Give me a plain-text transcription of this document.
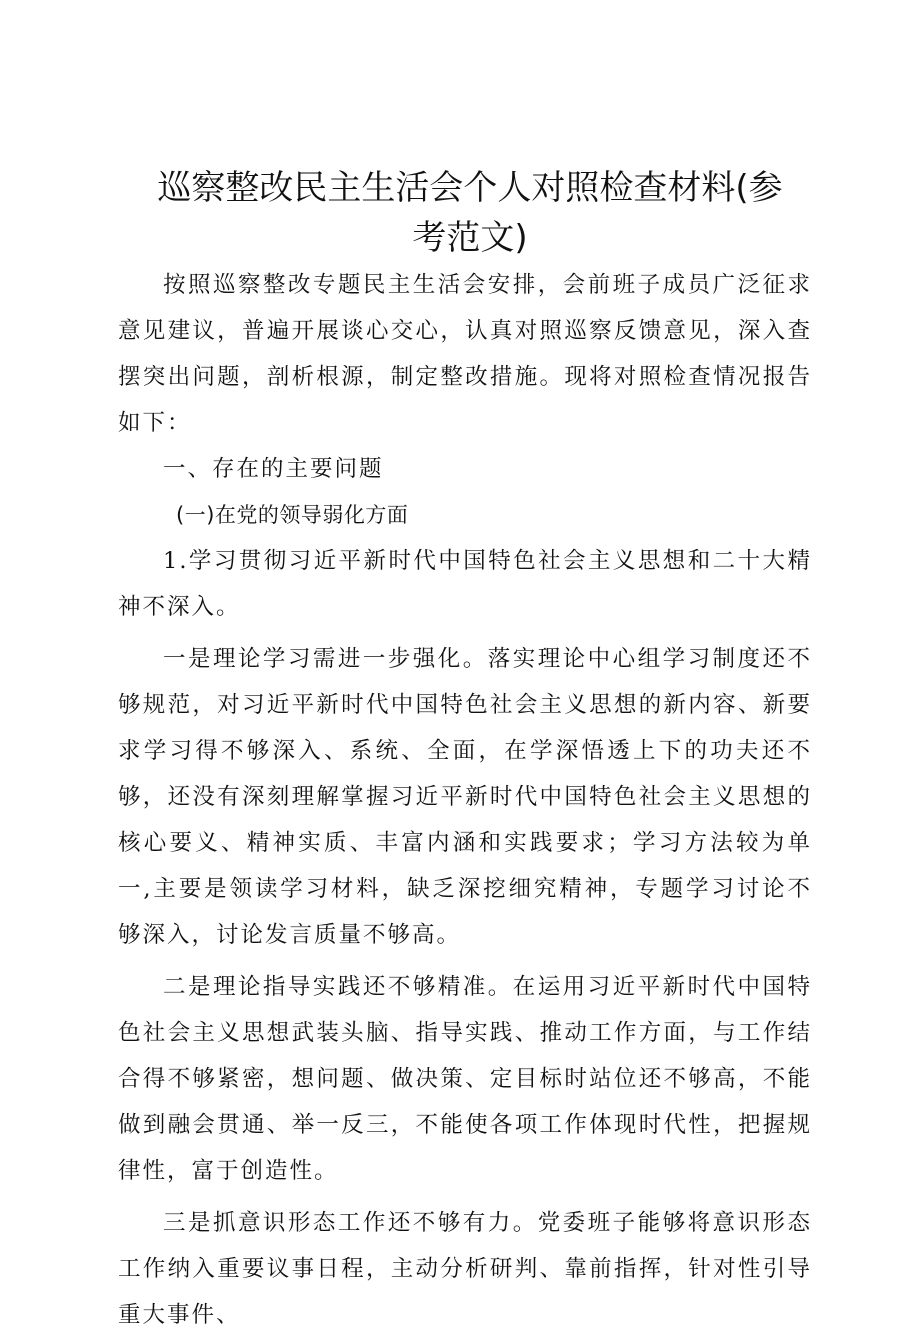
巡察整改民主生活会个人对照检查材料(参考范文)

按照巡察整改专题民主生活会安排，会前班子成员广泛征求意见建议，普遍开展谈心交心，认真对照巡察反馈意见，深入查摆突出问题，剖析根源，制定整改措施。现将对照检查情况报告如下：

一、存在的主要问题

(一)在党的领导弱化方面

1.学习贯彻习近平新时代中国特色社会主义思想和二十大精神不深入。

一是理论学习需进一步强化。落实理论中心组学习制度还不够规范，对习近平新时代中国特色社会主义思想的新内容、新要求学习得不够深入、系统、全面，在学深悟透上下的功夫还不够，还没有深刻理解掌握习近平新时代中国特色社会主义思想的核心要义、精神实质、丰富内涵和实践要求；学习方法较为单一,主要是领读学习材料，缺乏深挖细究精神，专题学习讨论不够深入，讨论发言质量不够高。

二是理论指导实践还不够精准。在运用习近平新时代中国特色社会主义思想武装头脑、指导实践、推动工作方面，与工作结合得不够紧密，想问题、做决策、定目标时站位还不够高，不能做到融会贯通、举一反三，不能使各项工作体现时代性，把握规律性，富于创造性。

三是抓意识形态工作还不够有力。党委班子能够将意识形态工作纳入重要议事日程，主动分析研判、靠前指挥，针对性引导重大事件、
